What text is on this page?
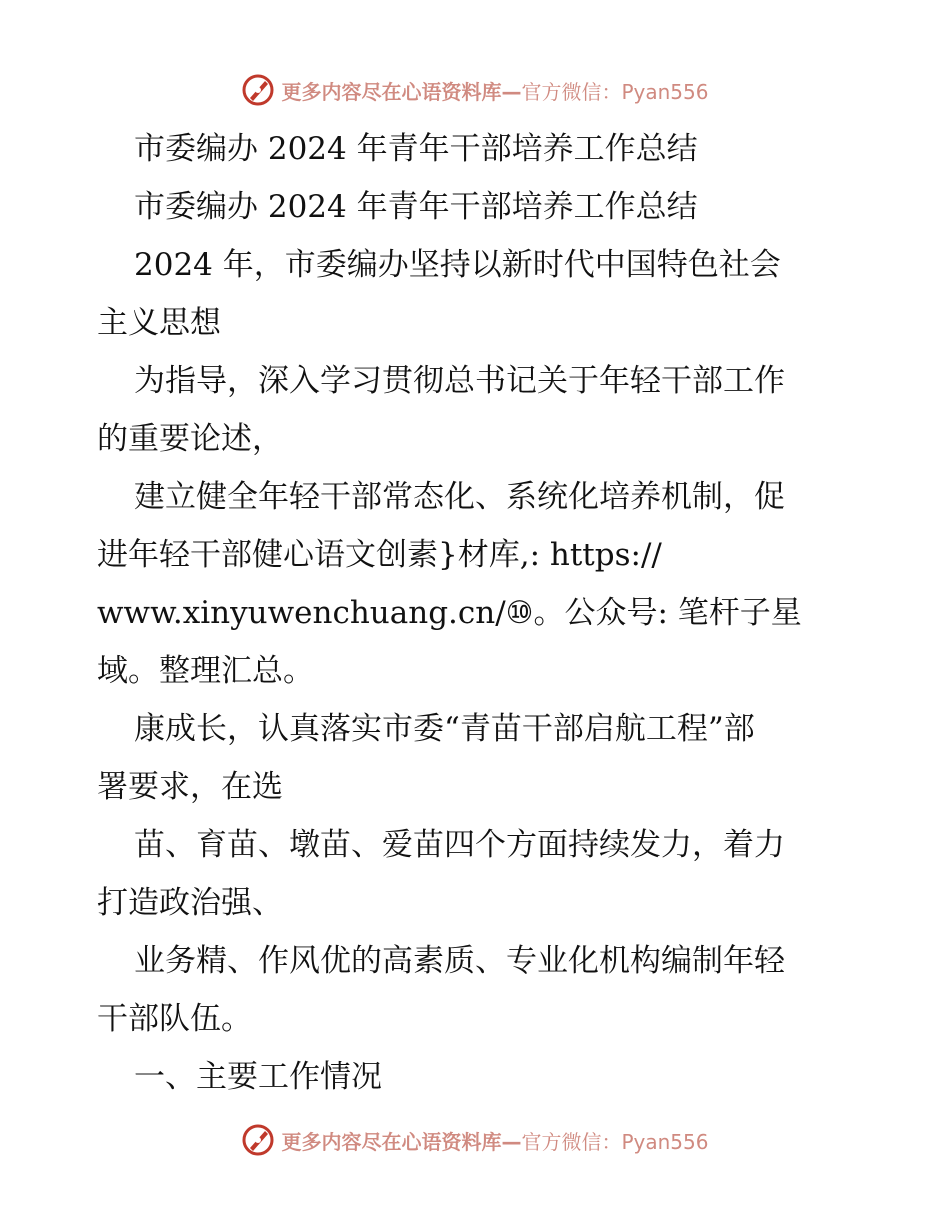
更多内容尽在心语资料库— 官方微信：Pyan556
市委编办 2024 年青年干部培养工作总结
市委编办 2024 年青年干部培养工作总结
2024 年，市委编办坚持以新时代中国特色社会
主义思想
为指导，深入学习贯彻总书记关于年轻干部工作
的重要论述，
建立健全年轻干部常态化、系统化培养机制，促
进年轻干部健心语文创素}材库,: https://
www.xinyuwenchuang.cn/⑩。公众号: 笔杆子星
域。整理汇总。
康成长，认真落实市委“青苗干部启航工程”部
署要求，在选
苗、育苗、墩苗、爱苗四个方面持续发力，着力
打造政治强、
业务精、作风优的高素质、专业化机构编制年轻
干部队伍。
一、主要工作情况
更多内容尽在心语资料库— 官方微信：Pyan556
